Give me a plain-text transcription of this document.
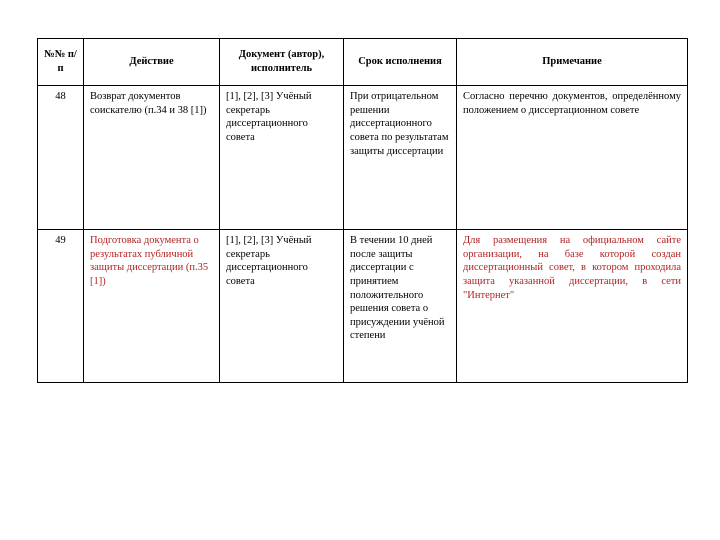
№№ п/п	Действие	Документ (автор), исполнитель	Срок исполнения	Примечание
48	Возврат документов соискателю (п.34 и 38 [1])	[1], [2], [3] Учёный секретарь диссертационного совета	При отрицательном решении диссертационного совета по результатам защиты диссертации	Согласно перечню документов, определённому положением о диссертационном совете
49	Подготовка документа о результатах публичной защиты диссертации (п.35 [1])	[1], [2], [3] Учёный секретарь диссертационного совета	В течении 10 дней после защиты диссертации с принятием положительного решения совета о присуждении учёной степени	Для размещения на официальном сайте организации, на базе которой создан диссертационный совет, в котором проходила защита указанной диссертации, в сети "Интернет"
